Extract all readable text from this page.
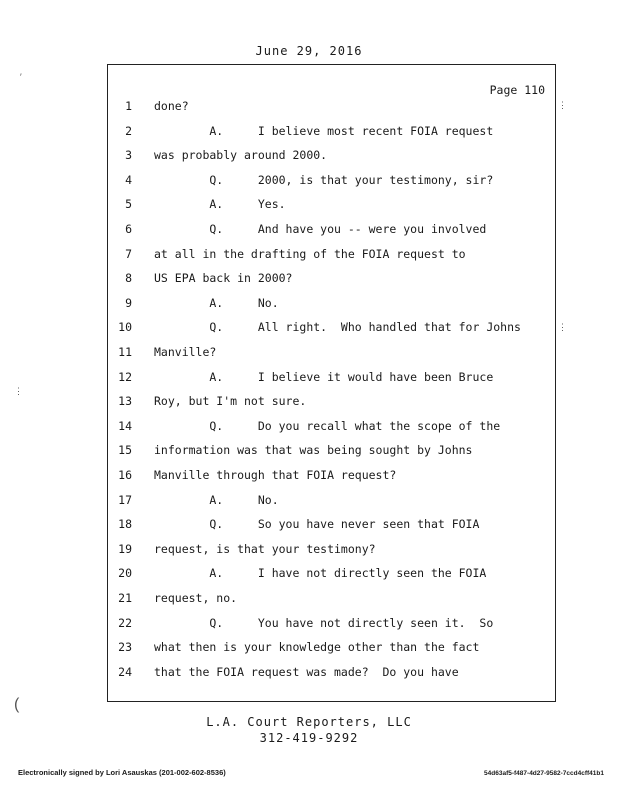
June 29, 2016
Page 110
1 done?
2 A.     I believe most recent FOIA request
3 was probably around 2000.
4 Q.     2000, is that your testimony, sir?
5 A.     Yes.
6 Q.     And have you -- were you involved
7 at all in the drafting of the FOIA request to
8 US EPA back in 2000?
9 A.     No.
10 Q.     All right.  Who handled that for Johns
11 Manville?
12 A.     I believe it would have been Bruce
13 Roy, but I'm not sure.
14 Q.     Do you recall what the scope of the
15 information was that was being sought by Johns
16 Manville through that FOIA request?
17 A.     No.
18 Q.     So you have never seen that FOIA
19 request, is that your testimony?
20 A.     I have not directly seen the FOIA
21 request, no.
22 Q.     You have not directly seen it.  So
23 what then is your knowledge other than the fact
24 that the FOIA request was made?  Do you have
L.A. Court Reporters, LLC
312-419-9292
Electronically signed by Lori Asauskas (201-002-602-8536)	54d63af5-f487-4d27-9582-7ccd4cff41b1
′
⋮
(
⋮
⋮
